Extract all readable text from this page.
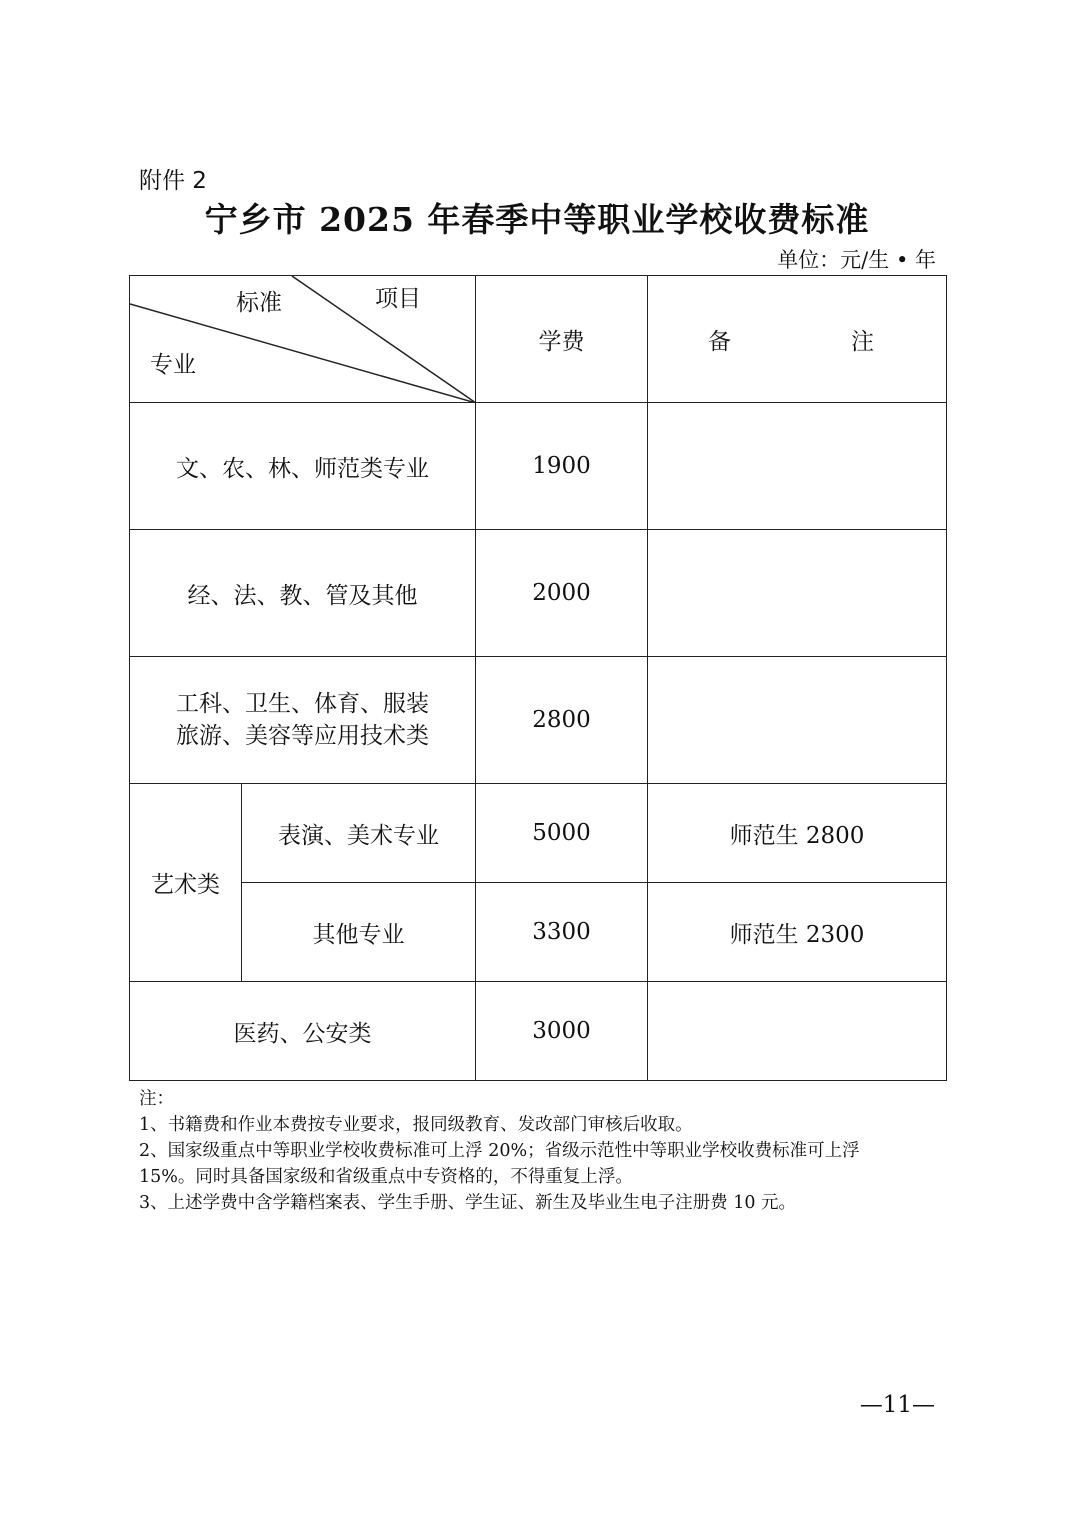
附件 2
宁乡市 2025 年春季中等职业学校收费标准
单位：元/生 • 年
标准 项目
专业		学费	备 注

文、农、林、师范类专业		1900	
经、法、教、管及其他		2000	

工科、卫生、体育、服装
旅游、美容等应用技术类		2800	
艺术类	表演、美术专业	5000	师范生 2800
	其他专业	3300	师范生 2300
医药、公安类		3000	
注：
1、书籍费和作业本费按专业要求，报同级教育、发改部门审核后收取。
2、国家级重点中等职业学校收费标准可上浮 20%；省级示范性中等职业学校收费标准可上浮
15%。同时具备国家级和省级重点中专资格的，不得重复上浮。
3、上述学费中含学籍档案表、学生手册、学生证、新生及毕业生电子注册费 10 元。
—11—
